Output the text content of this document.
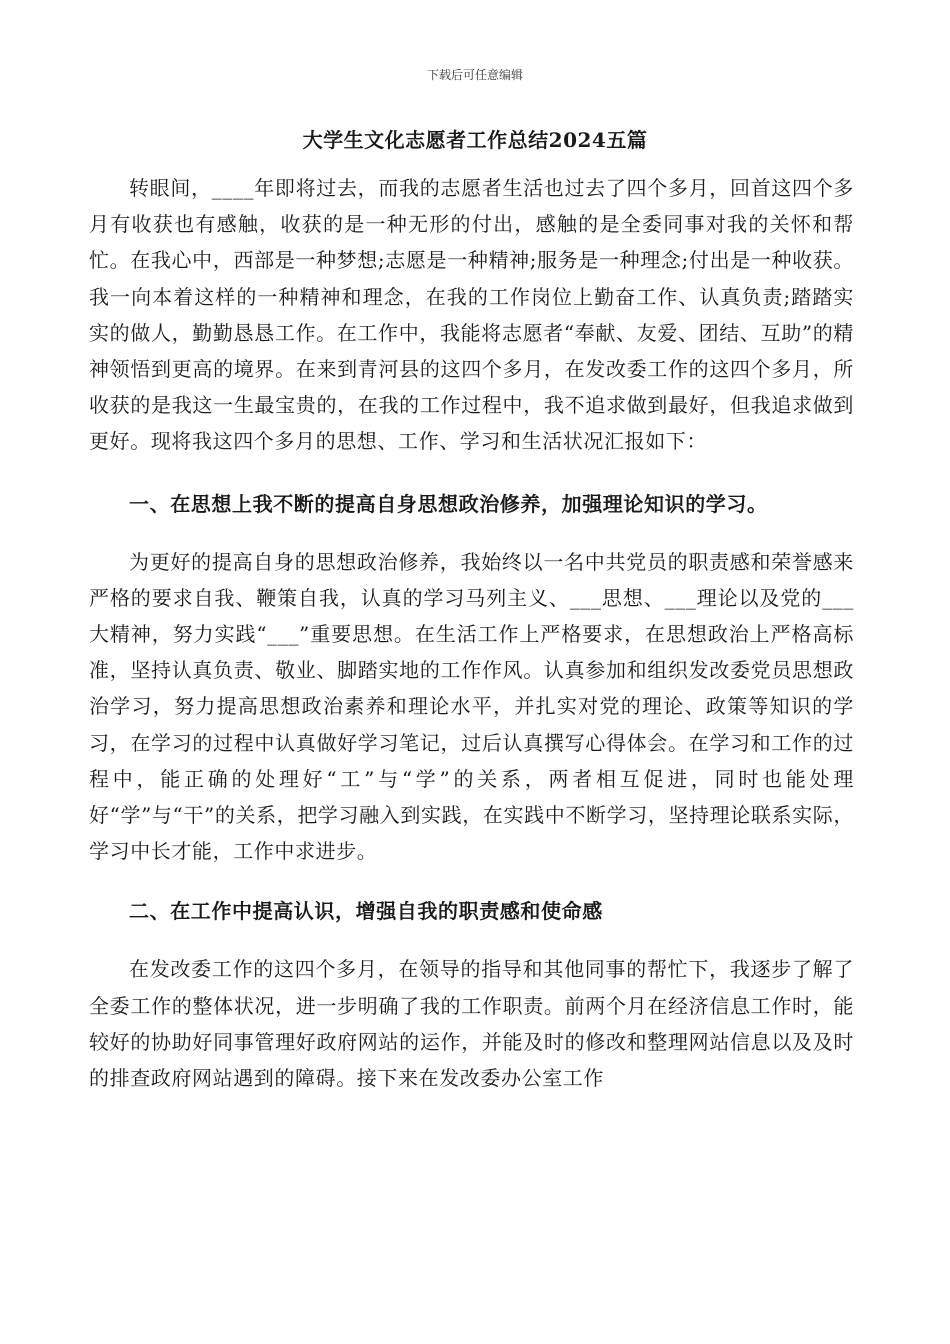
下载后可任意编辑
大学生文化志愿者工作总结2024五篇

转眼间，____年即将过去，而我的志愿者生活也过去了四个多月，回首这四个多月有收获也有感触，收获的是一种无形的付出，感触的是全委同事对我的关怀和帮忙。在我心中，西部是一种梦想;志愿是一种精神;服务是一种理念;付出是一种收获。我一向本着这样的一种精神和理念，在我的工作岗位上勤奋工作、认真负责;踏踏实实的做人，勤勤恳恳工作。在工作中，我能将志愿者“奉献、友爱、团结、互助”的精神领悟到更高的境界。在来到青河县的这四个多月，在发改委工作的这四个多月，所收获的是我这一生最宝贵的，在我的工作过程中，我不追求做到最好，但我追求做到更好。现将我这四个多月的思想、工作、学习和生活状况汇报如下：

一、在思想上我不断的提高自身思想政治修养，加强理论知识的学习。

为更好的提高自身的思想政治修养，我始终以一名中共党员的职责感和荣誉感来严格的要求自我、鞭策自我，认真的学习马列主义、___思想、___理论以及党的___大精神，努力实践“___”重要思想。在生活工作上严格要求，在思想政治上严格高标准，坚持认真负责、敬业、脚踏实地的工作作风。认真参加和组织发改委党员思想政治学习，努力提高思想政治素养和理论水平，并扎实对党的理论、政策等知识的学习，在学习的过程中认真做好学习笔记，过后认真撰写心得体会。在学习和工作的过程中，能正确的处理好“工”与“学”的关系，两者相互促进，同时也能处理好“学”与“干”的关系，把学习融入到实践，在实践中不断学习，坚持理论联系实际，学习中长才能，工作中求进步。

二、在工作中提高认识，增强自我的职责感和使命感

在发改委工作的这四个多月，在领导的指导和其他同事的帮忙下，我逐步了解了全委工作的整体状况，进一步明确了我的工作职责。前两个月在经济信息工作时，能较好的协助好同事管理好政府网站的运作，并能及时的修改和整理网站信息以及及时的排查政府网站遇到的障碍。接下来在发改委办公室工作
